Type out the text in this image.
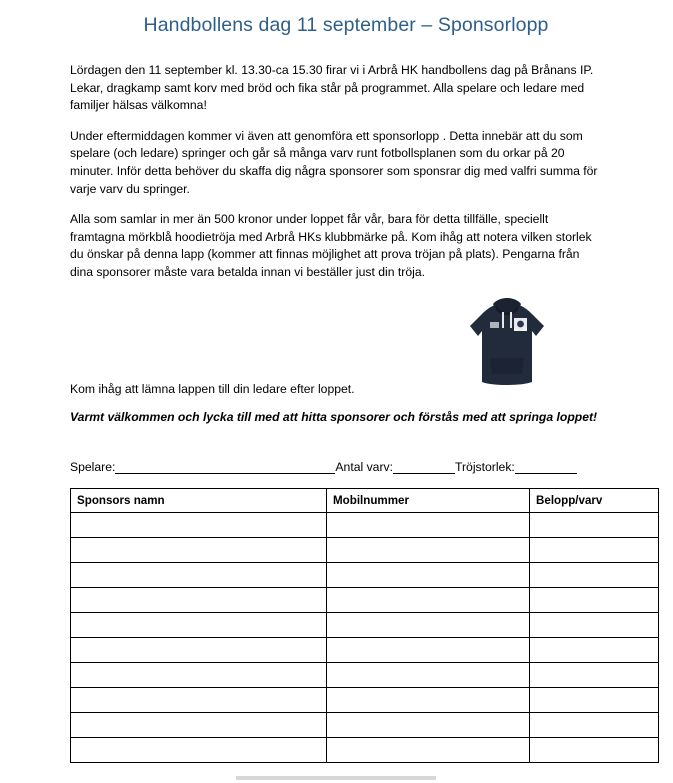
Handbollens dag 11 september – Sponsorlopp

Lördagen den 11 september kl. 13.30-ca 15.30 firar vi i Arbrå HK handbollens dag på Brånans IP. Lekar, dragkamp samt korv med bröd och fika står på programmet. Alla spelare och ledare med familjer hälsas välkomna!

Under eftermiddagen kommer vi även att genomföra ett sponsorlopp . Detta innebär att du som spelare (och ledare) springer och går så många varv runt fotbollsplanen som du orkar på 20 minuter. Inför detta behöver du skaffa dig några sponsorer som sponsrar dig med valfri summa för varje varv du springer.

Alla som samlar in mer än 500 kronor under loppet får vår, bara för detta tillfälle, speciellt framtagna mörkblå hoodietröja med Arbrå HKs klubbmärke på. Kom ihåg att notera vilken storlek du önskar på denna lapp (kommer att finnas möjlighet att prova tröjan på plats). Pengarna från dina sponsorer måste vara betalda innan vi beställer just din tröja.

Kom ihåg att lämna lappen till din ledare efter loppet.
Varmt välkommen och lycka till med att hitta sponsorer och förstås med att springa loppet!
Spelare:	Antal varv:	Tröjstorlek:
Sponsors namn	Mobilnummer	Belopp/varv
